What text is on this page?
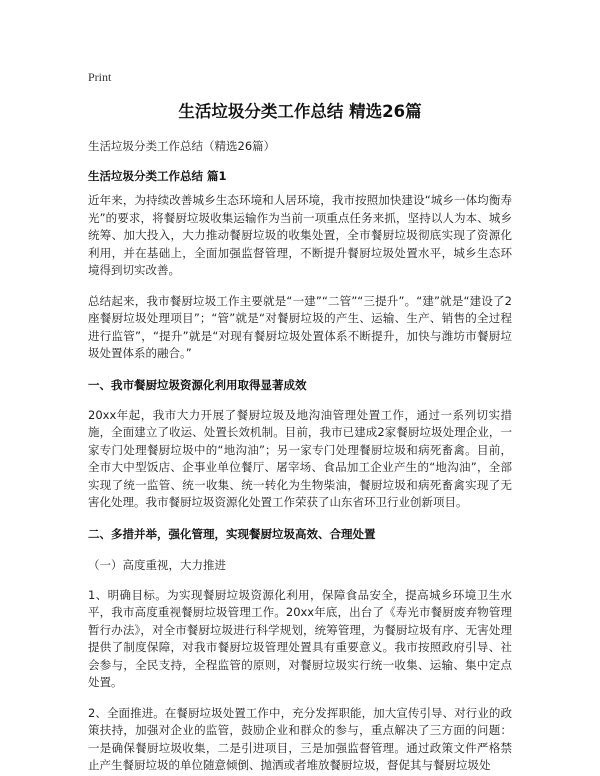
Print
生活垃圾分类工作总结 精选26篇
生活垃圾分类工作总结（精选26篇）
生活垃圾分类工作总结 篇1

近年来，为持续改善城乡生态环境和人居环境，我市按照加快建设“城乡一体均衡寿光”的要求，将餐厨垃圾收集运输作为当前一项重点任务来抓，坚持以人为本、城乡统筹、加大投入，大力推动餐厨垃圾的收集处置，全市餐厨垃圾彻底实现了资源化利用，并在基础上，全面加强监督管理，不断提升餐厨垃圾处置水平，城乡生态环境得到切实改善。

总结起来，我市餐厨垃圾工作主要就是“一建”“二管”“三提升”。“建”就是“建设了2座餐厨垃圾处理项目”；“管”就是“对餐厨垃圾的产生、运输、生产、销售的全过程进行监管”，“提升”就是“对现有餐厨垃圾处置体系不断提升，加快与潍坊市餐厨垃圾处置体系的融合。”

一、我市餐厨垃圾资源化利用取得显著成效

20xx年起，我市大力开展了餐厨垃圾及地沟油管理处置工作，通过一系列切实措施，全面建立了收运、处置长效机制。目前，我市已建成2家餐厨垃圾处理企业，一家专门处理餐厨垃圾中的“地沟油”；另一家专门处理餐厨垃圾和病死畜禽。目前，全市大中型饭店、企事业单位餐厅、屠宰场、食品加工企业产生的“地沟油”，全部实现了统一监管、统一收集、统一转化为生物柴油，餐厨垃圾和病死畜禽实现了无害化处理。我市餐厨垃圾资源化处置工作荣获了山东省环卫行业创新项目。

二、多措并举，强化管理，实现餐厨垃圾高效、合理处置
（一）高度重视，大力推进

1、明确目标。为实现餐厨垃圾资源化利用，保障食品安全，提高城乡环境卫生水平，我市高度重视餐厨垃圾管理工作。20xx年底，出台了《寿光市餐厨废弃物管理暂行办法》，对全市餐厨垃圾进行科学规划，统筹管理，为餐厨垃圾有序、无害处理提供了制度保障，对我市餐厨垃圾管理处置具有重要意义。我市按照政府引导、社会参与，全民支持，全程监管的原则，对餐厨垃圾实行统一收集、运输、集中定点处置。

2、全面推进。在餐厨垃圾处置工作中，充分发挥职能，加大宣传引导、对行业的政策扶持，加强对企业的监管，鼓励企业和群众的参与，重点解决了三方面的问题：一是确保餐厨垃圾收集，二是引进项目，三是加强监督管理。通过政策文件严格禁止产生餐厨垃圾的单位随意倾倒、抛洒或者堆放餐厨垃圾，督促其与餐厨垃圾处
